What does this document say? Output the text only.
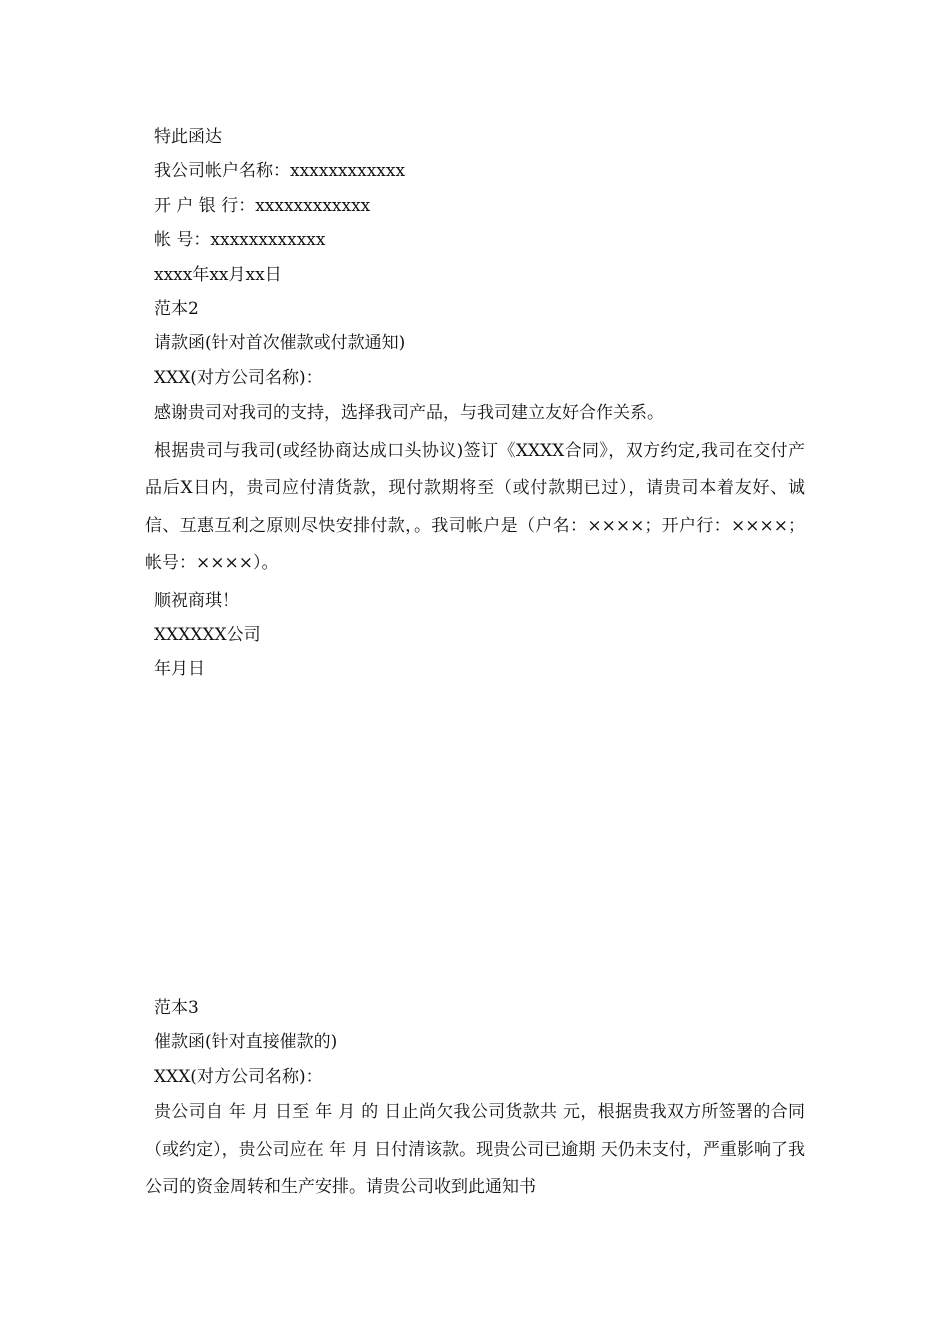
特此函达
我公司帐户名称：xxxxxxxxxxxx
开 户 银 行：xxxxxxxxxxxx
帐 号：xxxxxxxxxxxx
xxxx年xx月xx日
范本2
请款函(针对首次催款或付款通知)
XXX(对方公司名称)：
感谢贵司对我司的支持，选择我司产品，与我司建立友好合作关系。
根据贵司与我司(或经协商达成口头协议)签订《XXXX合同》，双方约定,我司在交付产品后X日内，贵司应付清货款，现付款期将至（或付款期已过），请贵司本着友好、诚信、互惠互利之原则尽快安排付款，。我司帐户是（户名：××××；开户行：××××；帐号：××××）。
顺祝商琪！
XXXXXX公司
年月日
范本3
催款函(针对直接催款的)
XXX(对方公司名称)：
贵公司自 年 月 日至 年 月 的 日止尚欠我公司货款共 元，根据贵我双方所签署的合同（或约定），贵公司应在 年 月 日付清该款。现贵公司已逾期 天仍未支付，严重影响了我公司的资金周转和生产安排。请贵公司收到此通知书
